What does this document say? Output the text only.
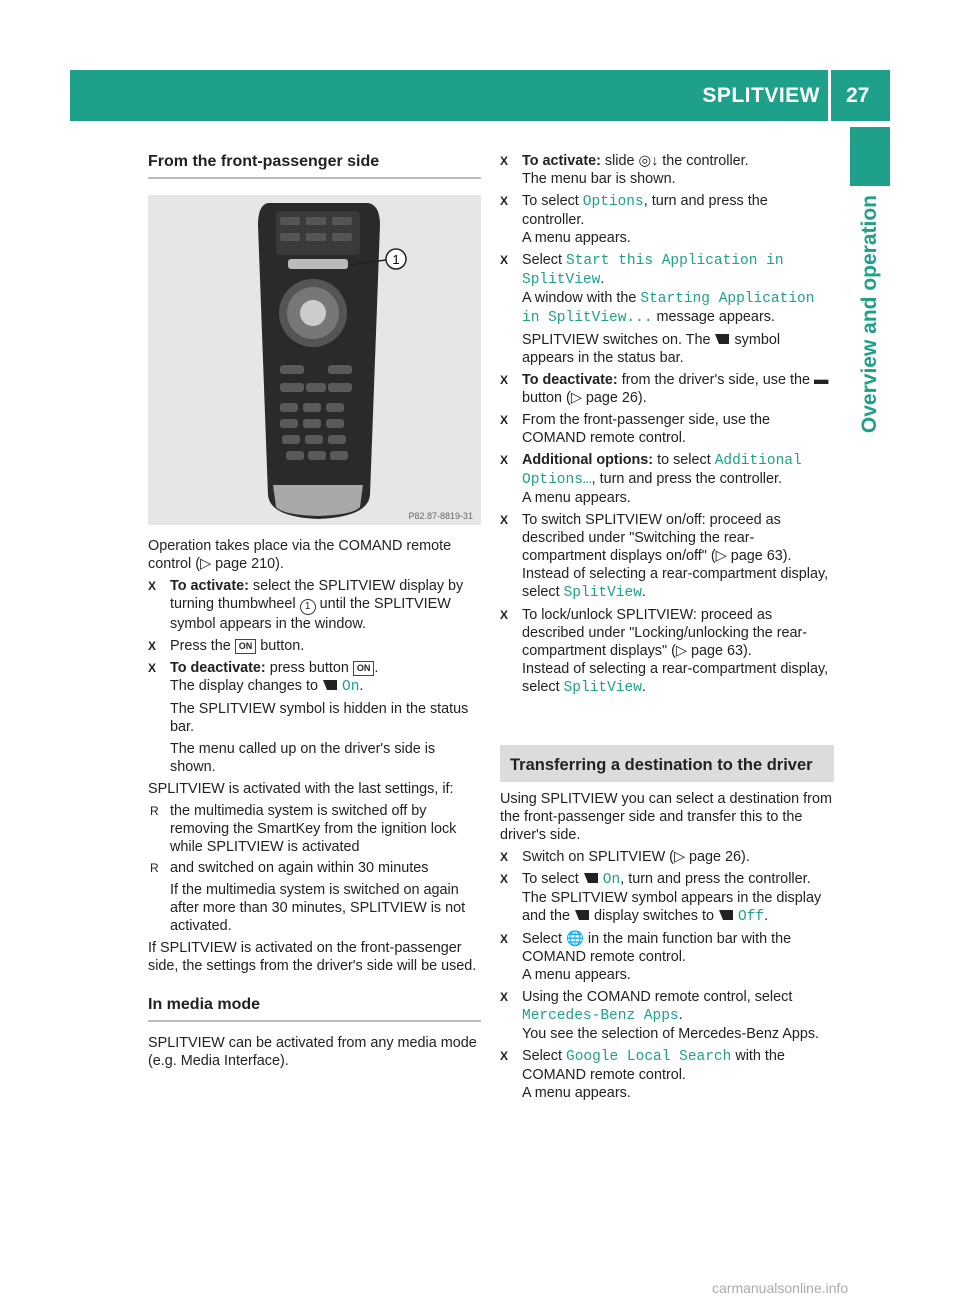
SPLITVIEW 27
Overview and operation
From the front-passenger side
1
P82.87-8819-31

Operation takes place via the COMAND remote control (▷ page 210).

X To activate: select the SPLITVIEW display by turning thumbwheel 1 until the SPLITVIEW symbol appears in the window.
X Press the ON button.
X To deactivate: press button ON .
The display changes to On.

The SPLITVIEW symbol is hidden in the status bar.

The menu called up on the driver's side is shown.

SPLITVIEW is activated with the last settings, if:

R the multimedia system is switched off by removing the SmartKey from the ignition lock while SPLITVIEW is activated
R and switched on again within 30 minutes

If the multimedia system is switched on again after more than 30 minutes, SPLITVIEW is not activated.

If SPLITVIEW is activated on the front-passenger side, the settings from the driver's side will be used.

In media mode

SPLITVIEW can be activated from any media mode (e.g. Media Interface).

X To activate: slide ◎↓ the controller.
The menu bar is shown.
X To select Options, turn and press the controller.
A menu appears.
X Select Start this Application in SplitView.
A window with the Starting Application in SplitView... message appears.

SPLITVIEW switches on. The symbol appears in the status bar.

X To deactivate: from the driver's side, use the ▬ button (▷ page 26).
X From the front-passenger side, use the COMAND remote control.
X Additional options: to select Additional Options…, turn and press the controller.
A menu appears.
X To switch SPLITVIEW on/off: proceed as described under "Switching the rear-compartment displays on/off" (▷ page 63).
Instead of selecting a rear-compartment display, select SplitView.
X To lock/unlock SPLITVIEW: proceed as described under "Locking/unlocking the rear-compartment displays" (▷ page 63).
Instead of selecting a rear-compartment display, select SplitView.
Transferring a destination to the driver

Using SPLITVIEW you can select a destination from the front-passenger side and transfer this to the driver's side.

X Switch on SPLITVIEW (▷ page 26).
X To select On, turn and press the controller.
The SPLITVIEW symbol appears in the display and the display switches to Off.
X Select 🌐 in the main function bar with the COMAND remote control.
A menu appears.
X Using the COMAND remote control, select Mercedes-Benz Apps.
You see the selection of Mercedes-Benz Apps.
X Select Google Local Search with the COMAND remote control.
A menu appears.
carmanualsonline.info
